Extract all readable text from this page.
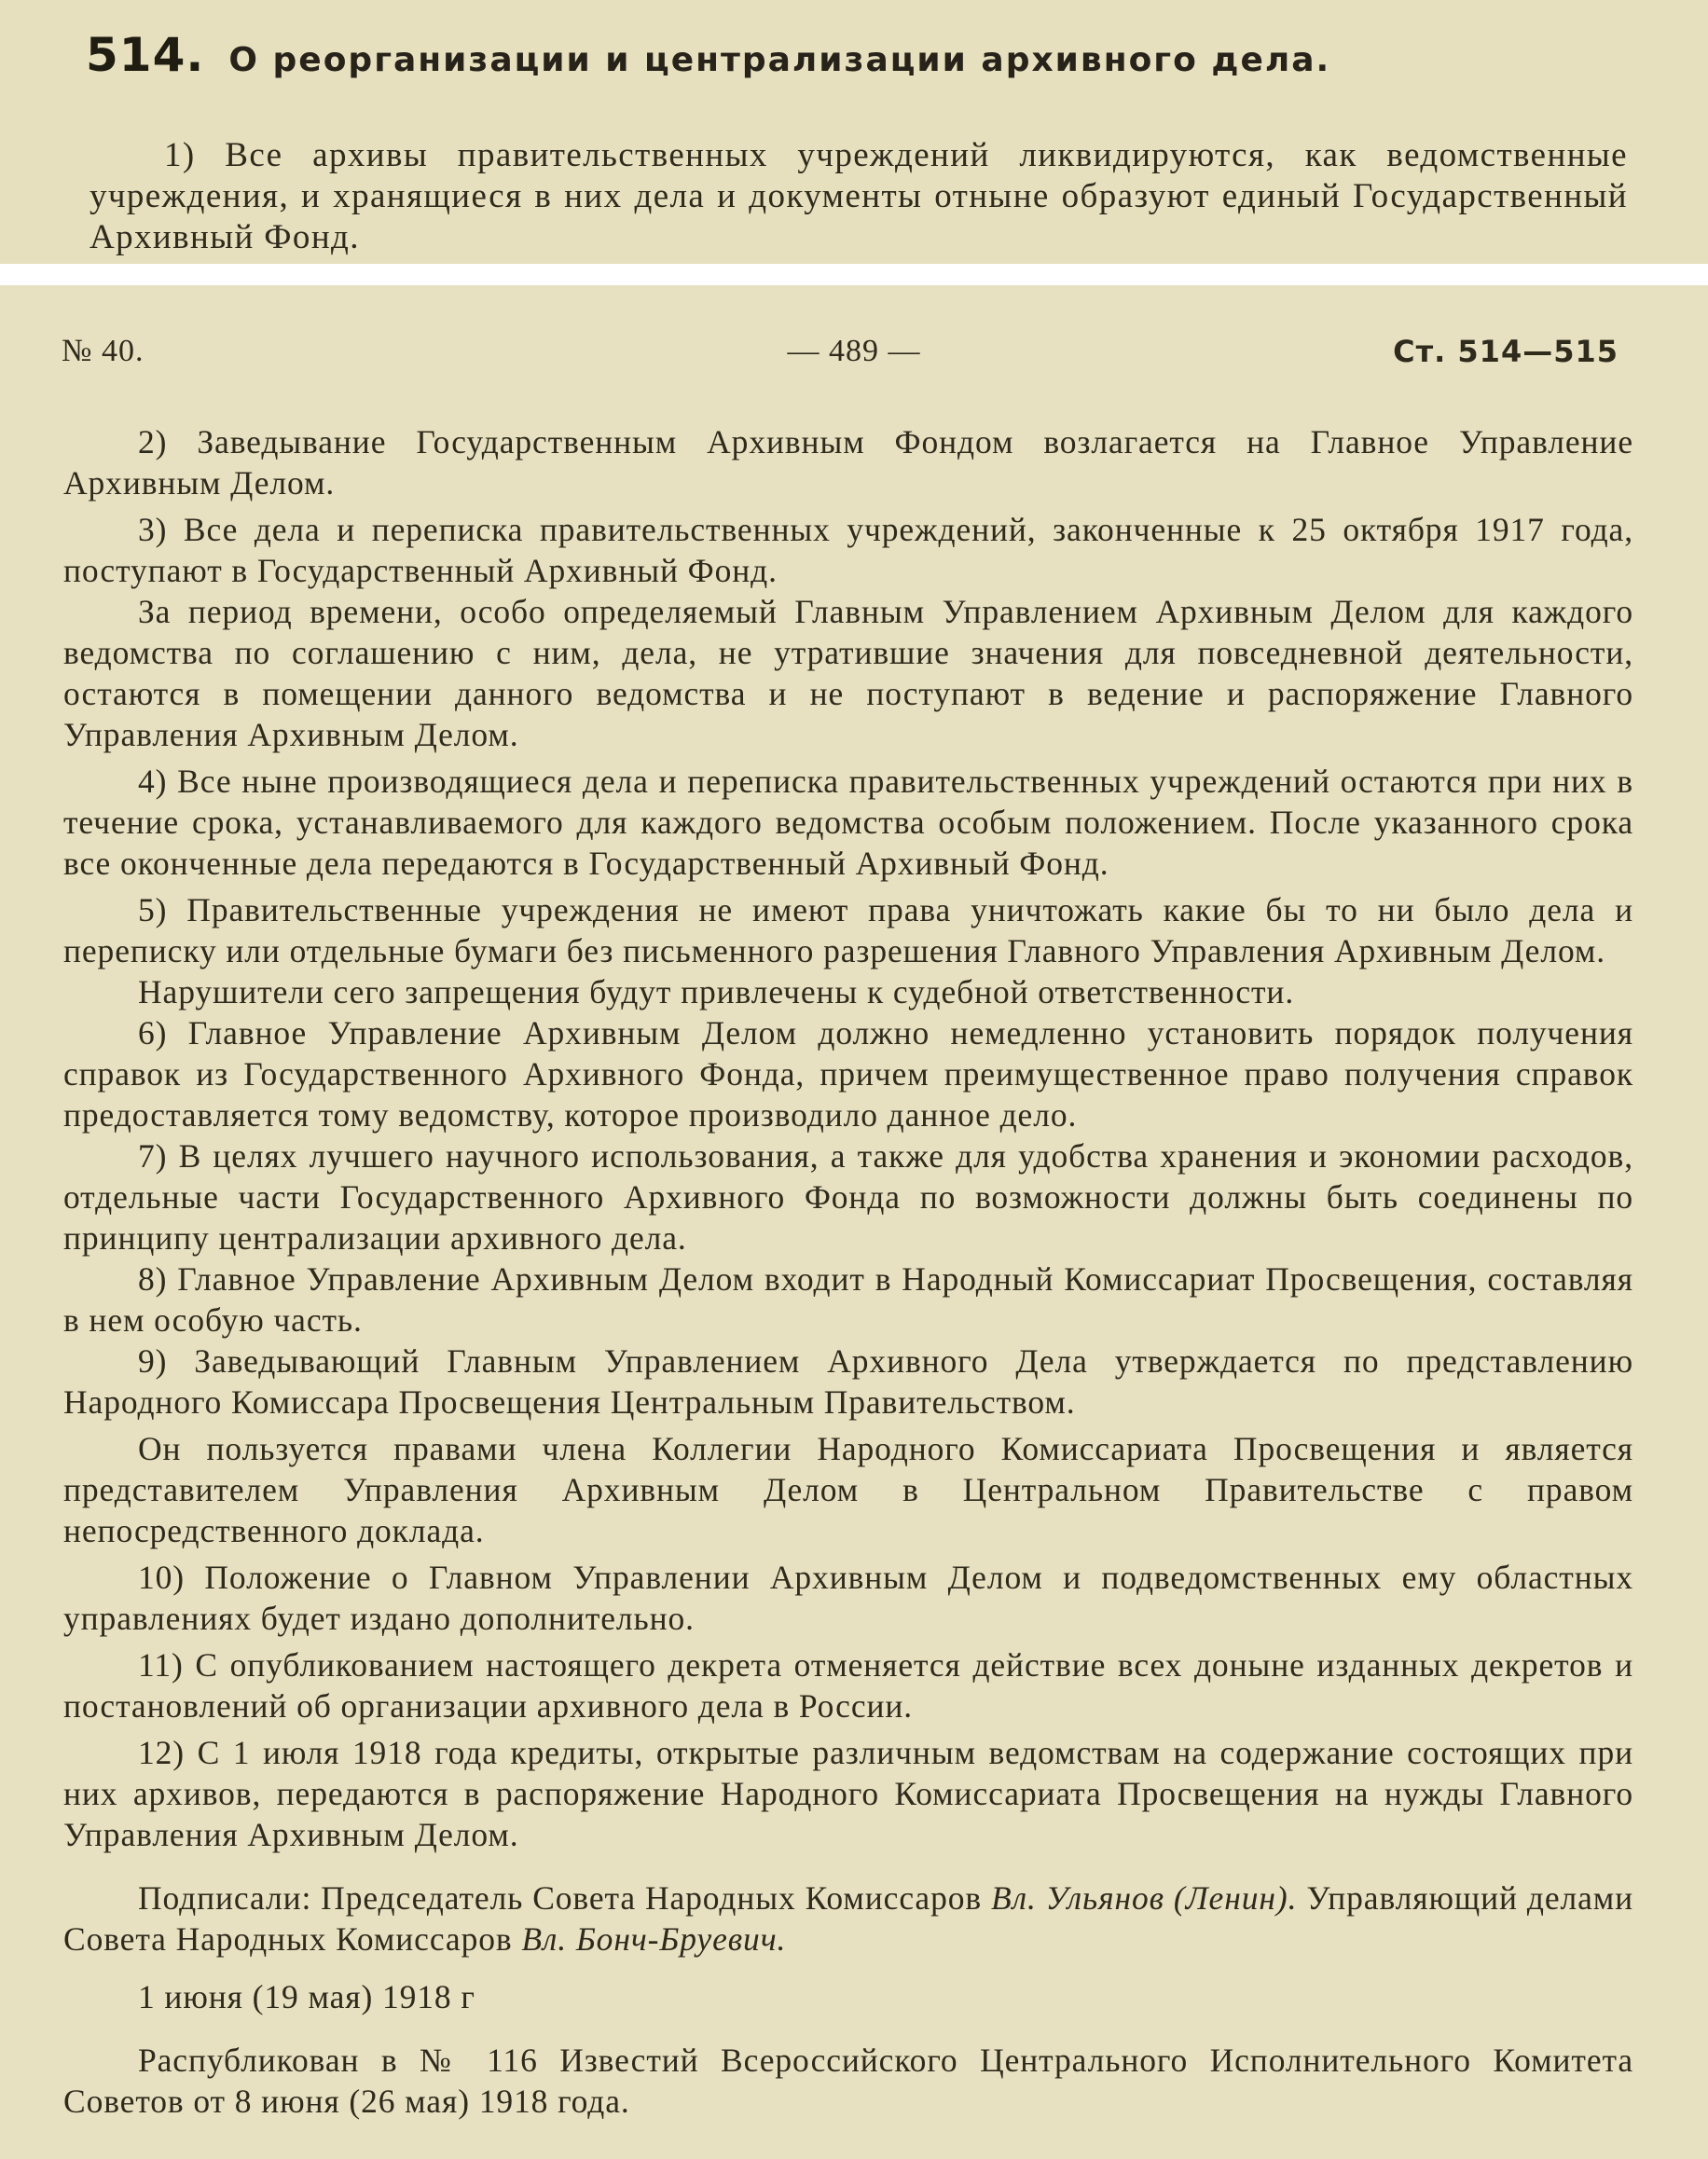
514. О реорганизации и централизации архивного дела.

1) Все архивы правительственных учреждений ликвидируются, как ведомственные учреждения, и хранящиеся в них дела и документы отныне образуют единый Государственный Архивный Фонд.

№ 40.	— 489 —	Ст. 514—515

2) Заведывание Государственным Архивным Фондом возлагается на Главное Управление Архивным Делом.

3) Все дела и переписка правительственных учреждений, законченные к 25 октября 1917 года, поступают в Государственный Архивный Фонд.

За период времени, особо определяемый Главным Управлением Архивным Делом для каждого ведомства по соглашению с ним, дела, не утратившие значения для повседневной деятельности, остаются в помещении данного ведомства и не поступают в ведение и распоряжение Главного Управления Архивным Делом.

4) Все ныне производящиеся дела и переписка правительственных учреждений остаются при них в течение срока, устанавливаемого для каждого ведомства особым положением. После указанного срока все оконченные дела передаются в Государственный Архивный Фонд.

5) Правительственные учреждения не имеют права уничтожать какие бы то ни было дела и переписку или отдельные бумаги без письменного разрешения Главного Управления Архивным Делом.

Нарушители сего запрещения будут привлечены к судебной ответственности.

6) Главное Управление Архивным Делом должно немедленно установить порядок получения справок из Государственного Архивного Фонда, причем преимущественное право получения справок предоставляется тому ведомству, которое производило данное дело.

7) В целях лучшего научного использования, а также для удобства хранения и экономии расходов, отдельные части Государственного Архивного Фонда по возможности должны быть соединены по принципу централизации архивного дела.

8) Главное Управление Архивным Делом входит в Народный Комиссариат Просвещения, составляя в нем особую часть.

9) Заведывающий Главным Управлением Архивного Дела утверждается по представлению Народного Комиссара Просвещения Центральным Правительством.

Он пользуется правами члена Коллегии Народного Комиссариата Просвещения и является представителем Управления Архивным Делом в Центральном Правительстве с правом непосредственного доклада.

10) Положение о Главном Управлении Архивным Делом и подведомственных ему областных управлениях будет издано дополнительно.

11) С опубликованием настоящего декрета отменяется действие всех доныне изданных декретов и постановлений об организации архивного дела в России.

12) С 1 июля 1918 года кредиты, открытые различным ведомствам на содержание состоящих при них архивов, передаются в распоряжение Народного Комиссариата Просвещения на нужды Главного Управления Архивным Делом.

Подписали: Председатель Совета Народных Комиссаров Вл. Ульянов (Ленин). Управляющий делами Совета Народных Комиссаров Вл. Бонч-Бруевич.

1 июня (19 мая) 1918 г

Распубликован в № 116 Известий Всероссийского Центрального Исполнительного Комитета Советов от 8 июня (26 мая) 1918 года.
